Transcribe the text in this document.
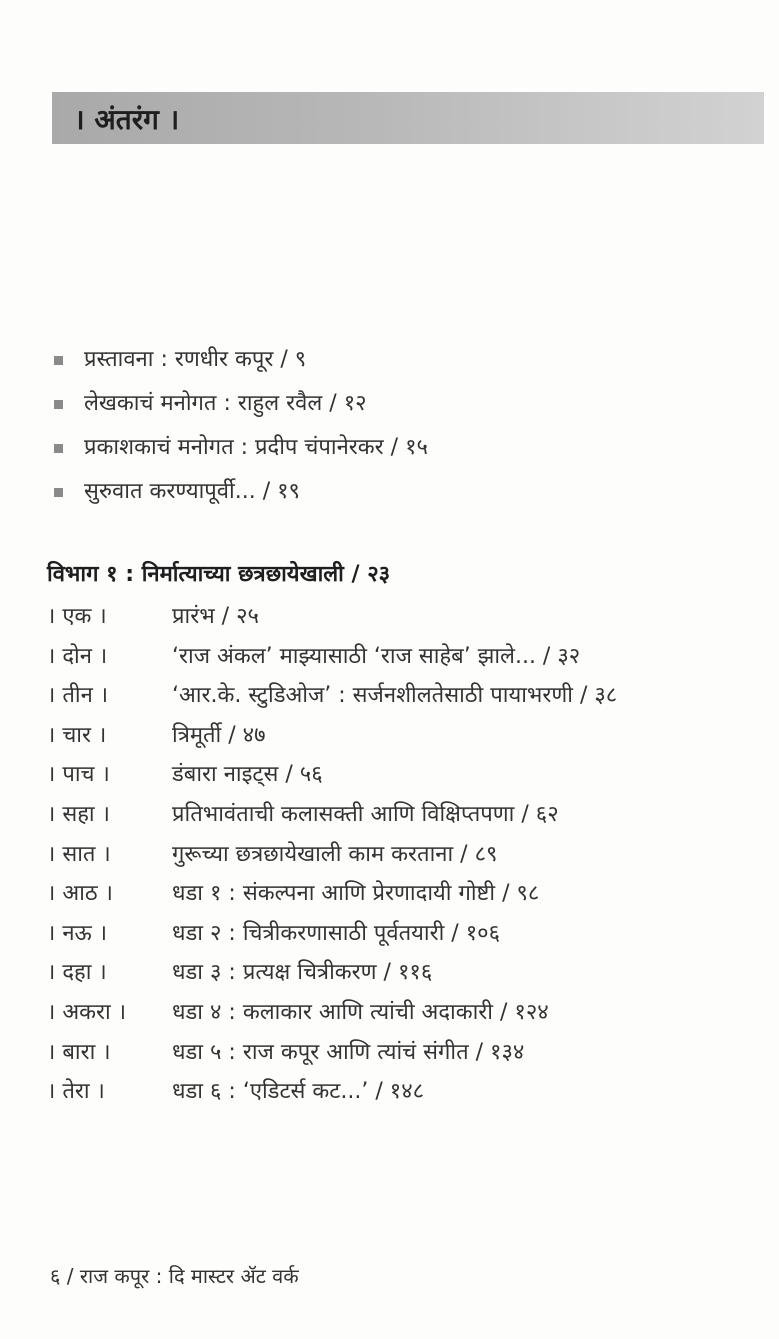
। अंतरंग ।
प्रस्तावना : रणधीर कपूर / ९
लेखकाचं मनोगत : राहुल रवैल / १२
प्रकाशकाचं मनोगत : प्रदीप चंपानेरकर / १५
सुरुवात करण्यापूर्वी... / १९
विभाग १ : निर्मात्याच्या छत्रछायेखाली / २३
। एक ।	प्रारंभ / २५
। दोन ।	‘राज अंकल’ माझ्यासाठी ‘राज साहेब’ झाले... / ३२
। तीन ।	‘आर.के. स्टुडिओज’ : सर्जनशीलतेसाठी पायाभरणी / ३८
। चार ।	त्रिमूर्ती / ४७
। पाच ।	डंबारा नाइट्स / ५६
। सहा ।	प्रतिभावंताची कलासक्ती आणि विक्षिप्तपणा / ६२
। सात ।	गुरूच्या छत्रछायेखाली काम करताना / ८९
। आठ ।	धडा १ : संकल्पना आणि प्रेरणादायी गोष्टी / ९८
। नऊ ।	धडा २ : चित्रीकरणासाठी पूर्वतयारी / १०६
। दहा ।	धडा ३ : प्रत्यक्ष चित्रीकरण / ११६
। अकरा । धडा ४ : कलाकार आणि त्यांची अदाकारी / १२४
। बारा ।	धडा ५ : राज कपूर आणि त्यांचं संगीत / १३४
। तेरा ।	धडा ६ : ‘एडिटर्स कट...’ / १४८
६ / राज कपूर : दि मास्टर ॲट वर्क
